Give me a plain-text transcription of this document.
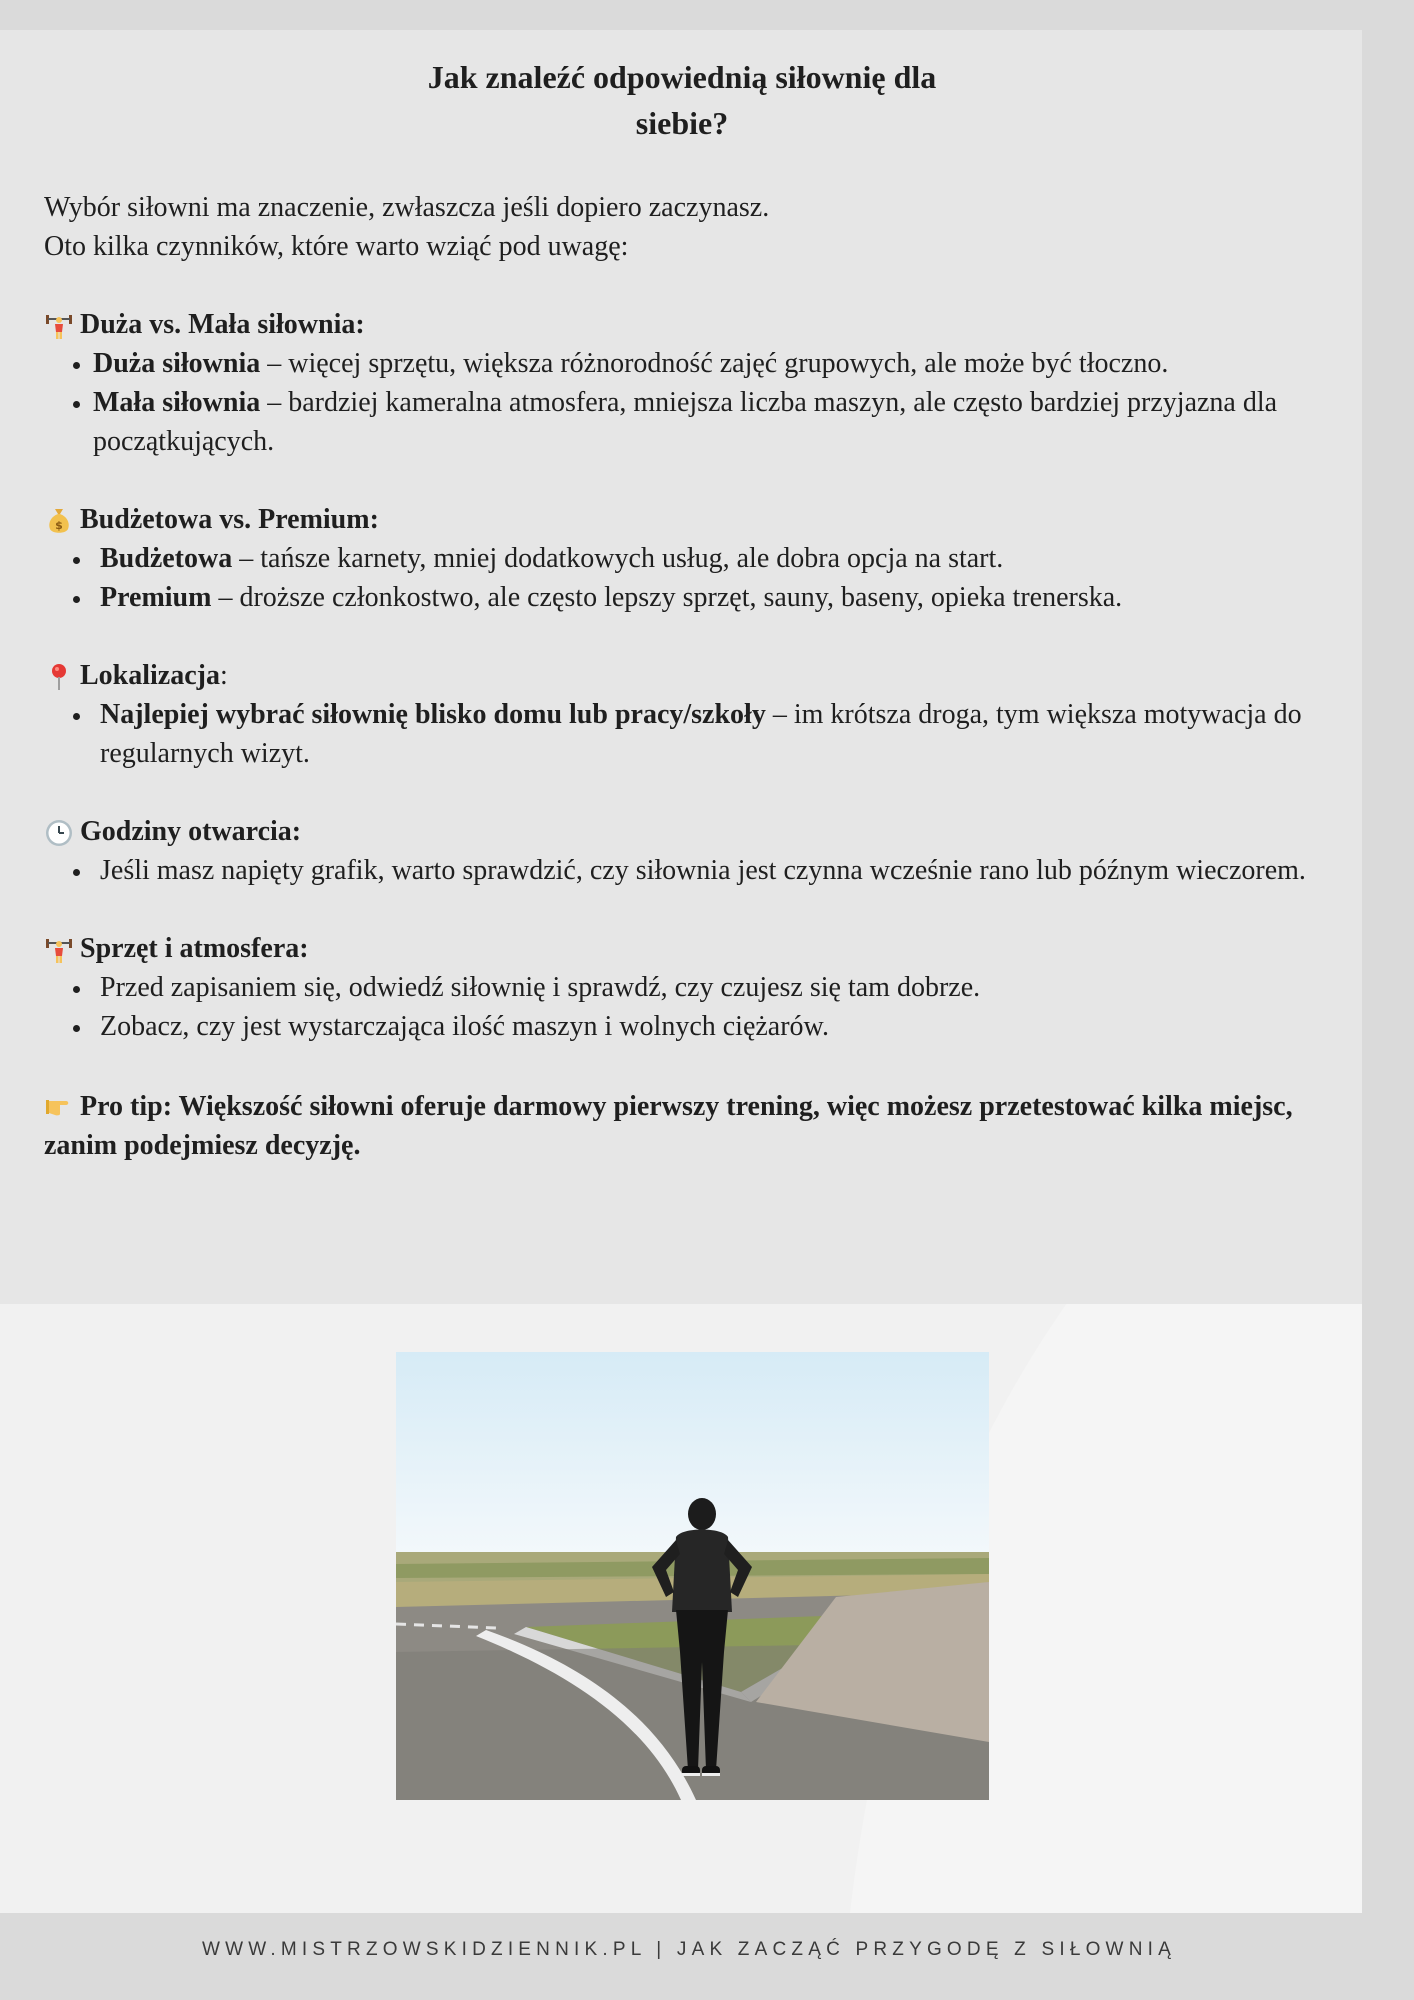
Jak znaleźć odpowiednią siłownię dla
siebie?

Wybór siłowni ma znaczenie, zwłaszcza jeśli dopiero zaczynasz.

Oto kilka czynników, które warto wziąć pod uwagę:

Duża vs. Mała siłownia:
• Duża siłownia – więcej sprzętu, większa różnorodność zajęć grupowych, ale może być tłoczno.
• Mała siłownia – bardziej kameralna atmosfera, mniejsza liczba maszyn, ale często bardziej przyjazna dla początkujących.
$ Budżetowa vs. Premium:
• Budżetowa – tańsze karnety, mniej dodatkowych usług, ale dobra opcja na start.
• Premium – droższe członkostwo, ale często lepszy sprzęt, sauny, baseny, opieka trenerska.
Lokalizacja :
• Najlepiej wybrać siłownię blisko domu lub pracy/szkoły – im krótsza droga, tym większa motywacja do regularnych wizyt.
Godziny otwarcia:
• Jeśli masz napięty grafik, warto sprawdzić, czy siłownia jest czynna wcześnie rano lub późnym wieczorem.
Sprzęt i atmosfera:
• Przed zapisaniem się, odwiedź siłownię i sprawdź, czy czujesz się tam dobrze.
• Zobacz, czy jest wystarczająca ilość maszyn i wolnych ciężarów.
Pro tip: Większość siłowni oferuje darmowy pierwszy trening, więc możesz przetestować kilka miejsc, zanim podejmiesz decyzję.
WWW.MISTRZOWSKIDZIENNIK.PL | JAK ZACZĄĆ PRZYGODĘ Z SIŁOWNIĄ
